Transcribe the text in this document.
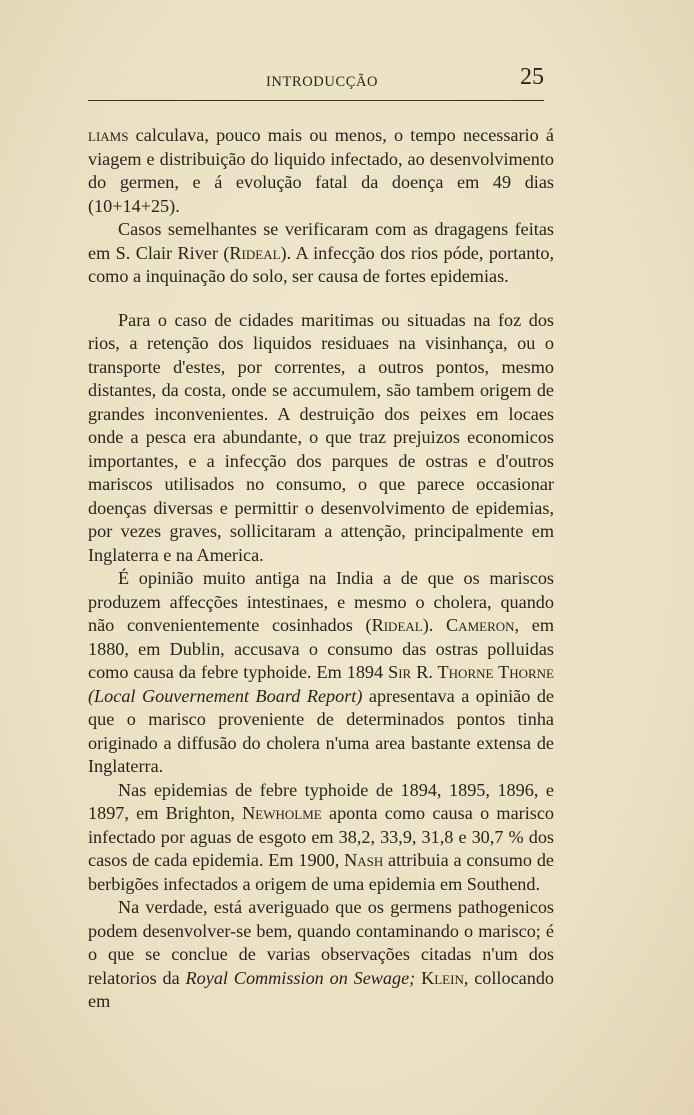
INTRODUCÇÃO	25

liams calculava, pouco mais ou menos, o tempo necessario á viagem e distribuição do liquido infectado, ao desenvolvimento do germen, e á evolução fatal da doença em 49 dias (10+14+25).

Casos semelhantes se verificaram com as dragagens feitas em S. Clair River (Rideal). A infecção dos rios póde, portanto, como a inquinação do solo, ser causa de fortes epidemias.

Para o caso de cidades maritimas ou situadas na foz dos rios, a retenção dos liquidos residuaes na visinhança, ou o transporte d'estes, por correntes, a outros pontos, mesmo distantes, da costa, onde se accumulem, são tambem origem de grandes inconvenientes. A destruição dos peixes em locaes onde a pesca era abundante, o que traz prejuizos economicos importantes, e a infecção dos parques de ostras e d'outros mariscos utilisados no consumo, o que parece occasionar doenças diversas e permittir o desenvolvimento de epidemias, por vezes graves, sollicitaram a attenção, principalmente em Inglaterra e na America.

É opinião muito antiga na India a de que os mariscos produzem affecções intestinaes, e mesmo o cholera, quando não convenientemente cosinhados (Rideal). Cameron, em 1880, em Dublin, accusava o consumo das ostras polluidas como causa da febre typhoide. Em 1894 Sir R. Thorne Thorne (Local Gouvernement Board Report) apresentava a opinião de que o marisco proveniente de determinados pontos tinha originado a diffusão do cholera n'uma area bastante extensa de Inglaterra.

Nas epidemias de febre typhoide de 1894, 1895, 1896, e 1897, em Brighton, Newholme aponta como causa o marisco infectado por aguas de esgoto em 38,2, 33,9, 31,8 e 30,7 % dos casos de cada epidemia. Em 1900, Nash attribuia a consumo de berbigões infectados a origem de uma epidemia em Southend.

Na verdade, está averiguado que os germens pathogenicos podem desenvolver-se bem, quando contaminando o marisco; é o que se conclue de varias observações citadas n'um dos relatorios da Royal Commission on Sewage; Klein, collocando em
